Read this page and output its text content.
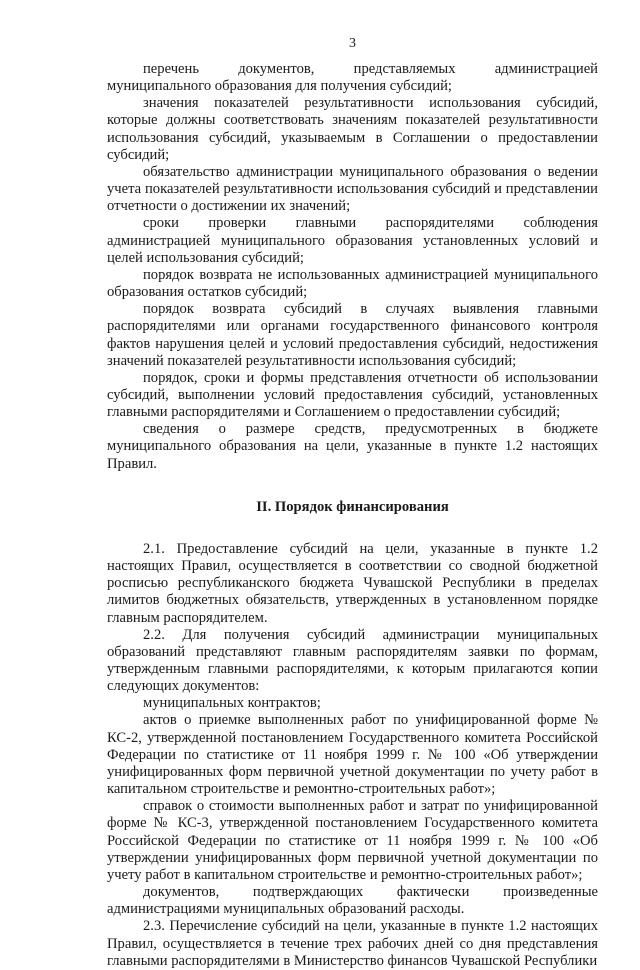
3

перечень документов, представляемых администрацией муниципального образования для получения субсидий;

значения показателей результативности использования субсидий, которые должны соответствовать значениям показателей результативности использования субсидий, указываемым в Соглашении о предоставлении субсидий;

обязательство администрации муниципального образования о ведении учета показателей результативности использования субсидий и представлении отчетности о достижении их значений;

сроки проверки главными распорядителями соблюдения администрацией муниципального образования установленных условий и целей использования субсидий;

порядок возврата не использованных администрацией муниципального образования остатков субсидий;

порядок возврата субсидий в случаях выявления главными распорядителями или органами государственного финансового контроля фактов нарушения целей и условий предоставления субсидий, недостижения значений показателей результативности использования субсидий;

порядок, сроки и формы представления отчетности об использовании субсидий, выполнении условий предоставления субсидий, установленных главными распорядителями и Соглашением о предоставлении субсидий;

сведения о размере средств, предусмотренных в бюджете муниципального образования на цели, указанные в пункте 1.2 настоящих Правил.

II. Порядок финансирования

2.1. Предоставление субсидий на цели, указанные в пункте 1.2 настоящих Правил, осуществляется в соответствии со сводной бюджетной росписью республиканского бюджета Чувашской Республики в пределах лимитов бюджетных обязательств, утвержденных в установленном порядке главным распорядителем.

2.2. Для получения субсидий администрации муниципальных образований представляют главным распорядителям заявки по формам, утвержденным главными распорядителями, к которым прилагаются копии следующих документов:

муниципальных контрактов;

актов о приемке выполненных работ по унифицированной форме № КС-2, утвержденной постановлением Государственного комитета Российской Федерации по статистике от 11 ноября 1999 г. № 100 «Об утверждении унифицированных форм первичной учетной документации по учету работ в капитальном строительстве и ремонтно-строительных работ»;

справок о стоимости выполненных работ и затрат по унифицированной форме № КС-3, утвержденной постановлением Государственного комитета Российской Федерации по статистике от 11 ноября 1999 г. № 100 «Об утверждении унифицированных форм первичной учетной документации по учету работ в капитальном строительстве и ремонтно-строительных работ»;

документов, подтверждающих фактически произведенные администрациями муниципальных образований расходы.

2.3. Перечисление субсидий на цели, указанные в пункте 1.2 настоящих Правил, осуществляется в течение трех рабочих дней со дня представления главными распорядителями в Министерство финансов Чувашской Республики
